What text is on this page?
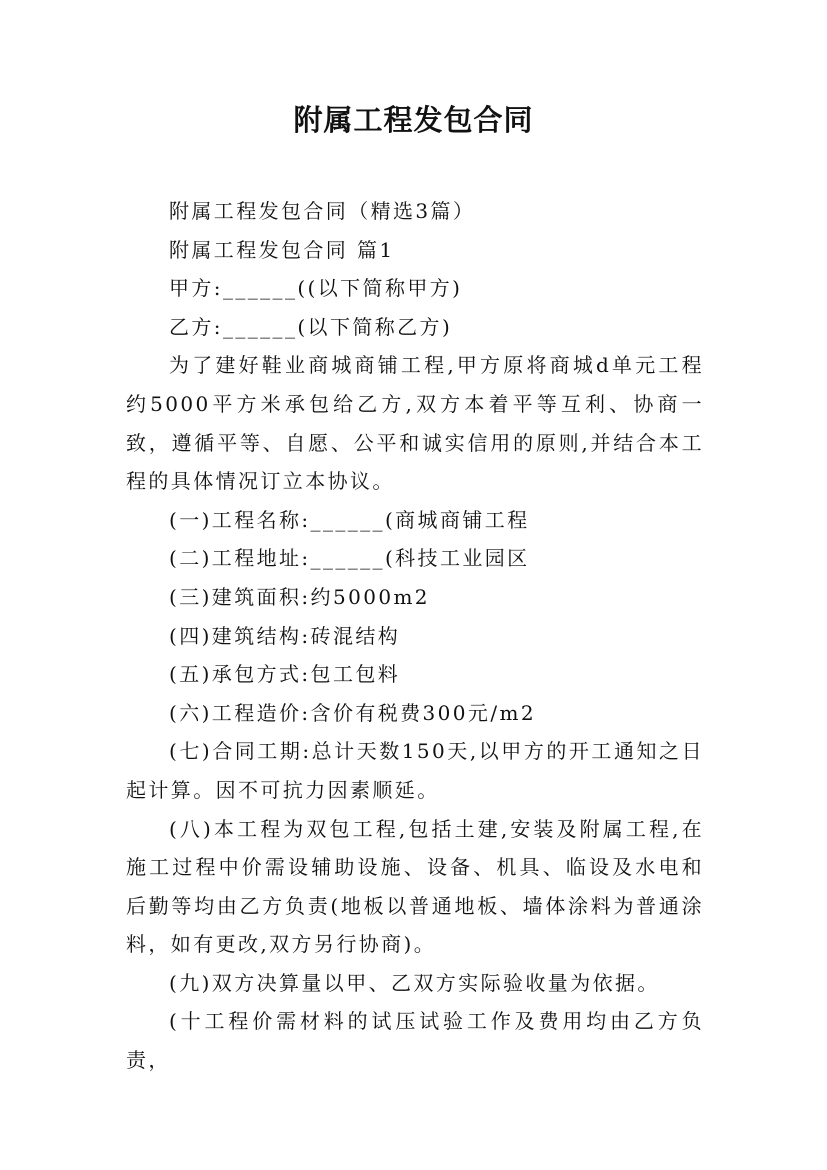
附属工程发包合同

附属工程发包合同（精选3篇）

附属工程发包合同 篇1

甲方:______((以下简称甲方)

乙方:______(以下简称乙方)

为了建好鞋业商城商铺工程,甲方原将商城d单元工程约5000平方米承包给乙方,双方本着平等互利、协商一致，遵循平等、自愿、公平和诚实信用的原则,并结合本工程的具体情况订立本协议。

(一)工程名称:______(商城商铺工程

(二)工程地址:______(科技工业园区

(三)建筑面积:约5000m2

(四)建筑结构:砖混结构

(五)承包方式:包工包料

(六)工程造价:含价有税费300元/m2

(七)合同工期:总计天数150天,以甲方的开工通知之日起计算。因不可抗力因素顺延。

(八)本工程为双包工程,包括土建,安装及附属工程,在施工过程中价需设辅助设施、设备、机具、临设及水电和后勤等均由乙方负责(地板以普通地板、墙体涂料为普通涂料，如有更改,双方另行协商)。

(九)双方决算量以甲、乙双方实际验收量为依据。

(十工程价需材料的试压试验工作及费用均由乙方负责，
